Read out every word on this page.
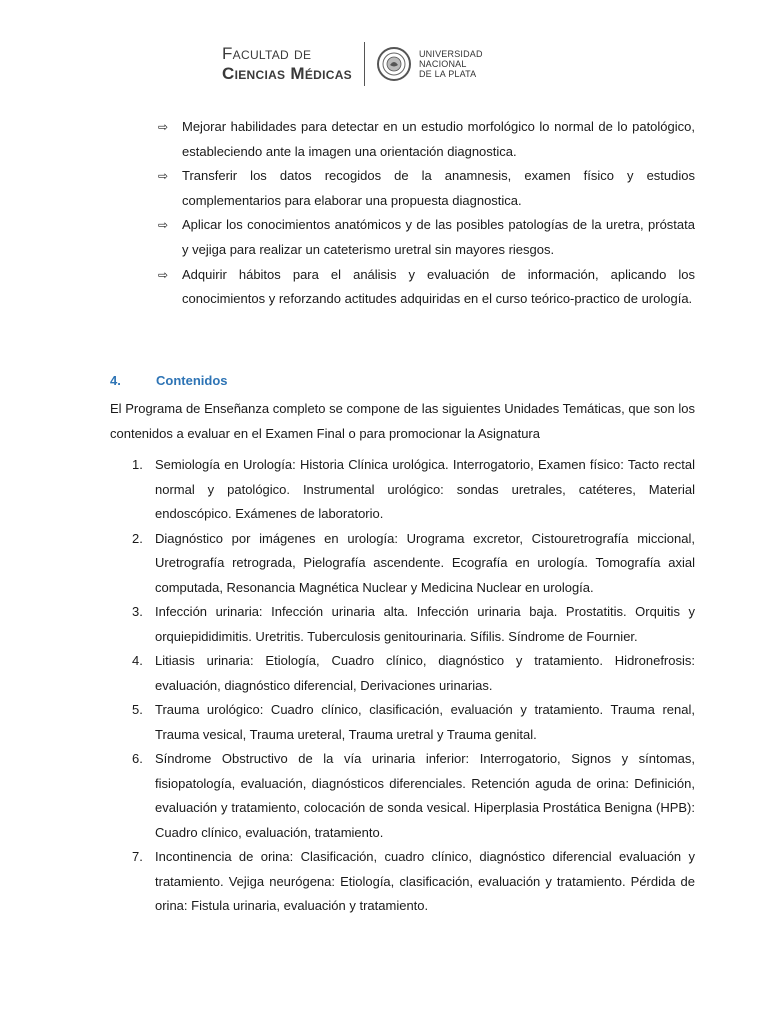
Facultad de
Ciencias Médicas
UNIVERSIDAD
NACIONAL
DE LA PLATA
⇨ Mejorar habilidades para detectar en un estudio morfológico lo normal de lo patológico, estableciendo ante la imagen una orientación diagnostica.
⇨ Transferir los datos recogidos de la anamnesis, examen físico y estudios complementarios para elaborar una propuesta diagnostica.
⇨ Aplicar los conocimientos anatómicos y de las posibles patologías de la uretra, próstata y vejiga para realizar un cateterismo uretral sin mayores riesgos.
⇨ Adquirir hábitos para el análisis y evaluación de información, aplicando los conocimientos y reforzando actitudes adquiridas en el curso teórico-practico de urología.
4.	Contenidos

El Programa de Enseñanza completo se compone de las siguientes Unidades Temáticas, que son los contenidos a evaluar en el Examen Final o para promocionar la Asignatura

1. Semiología en Urología: Historia Clínica urológica. Interrogatorio, Examen físico: Tacto rectal normal y patológico. Instrumental urológico: sondas uretrales, catéteres, Material endoscópico. Exámenes de laboratorio.
2. Diagnóstico por imágenes en urología: Urograma excretor, Cistouretrografía miccional, Uretrografía retrograda, Pielografía ascendente. Ecografía en urología. Tomografía axial computada, Resonancia Magnética Nuclear y Medicina Nuclear en urología.
3. Infección urinaria: Infección urinaria alta. Infección urinaria baja. Prostatitis. Orquitis y orquiepididimitis. Uretritis. Tuberculosis genitourinaria. Sífilis. Síndrome de Fournier.
4. Litiasis urinaria: Etiología, Cuadro clínico, diagnóstico y tratamiento. Hidronefrosis: evaluación, diagnóstico diferencial, Derivaciones urinarias.
5. Trauma urológico: Cuadro clínico, clasificación, evaluación y tratamiento. Trauma renal, Trauma vesical, Trauma ureteral, Trauma uretral y Trauma genital.
6. Síndrome Obstructivo de la vía urinaria inferior: Interrogatorio, Signos y síntomas, fisiopatología, evaluación, diagnósticos diferenciales. Retención aguda de orina: Definición, evaluación y tratamiento, colocación de sonda vesical. Hiperplasia Prostática Benigna (HPB): Cuadro clínico, evaluación, tratamiento.
7. Incontinencia de orina: Clasificación, cuadro clínico, diagnóstico diferencial evaluación y tratamiento. Vejiga neurógena: Etiología, clasificación, evaluación y tratamiento. Pérdida de orina: Fistula urinaria, evaluación y tratamiento.
